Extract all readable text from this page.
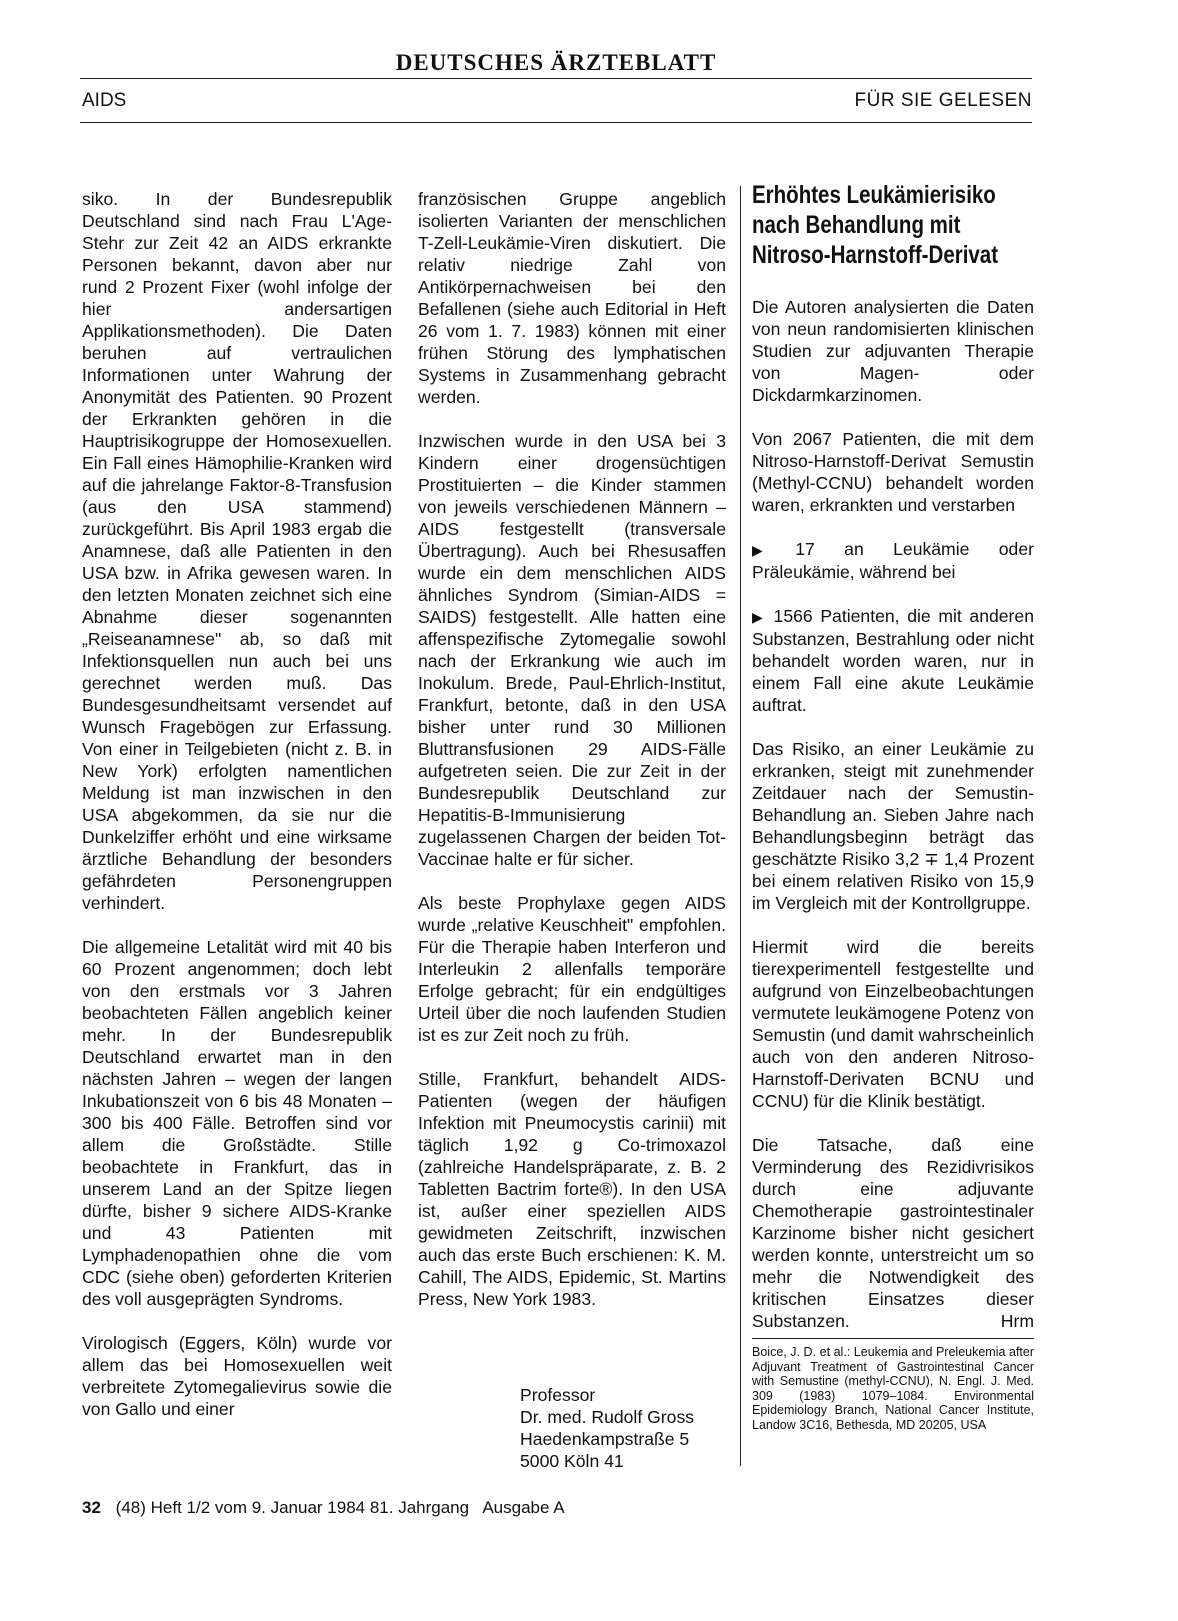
DEUTSCHES ÄRZTEBLATT
AIDS	FÜR SIE GELESEN

siko. In der Bundesrepublik Deutschland sind nach Frau L'Age-Stehr zur Zeit 42 an AIDS erkrankte Personen bekannt, davon aber nur rund 2 Prozent Fixer (wohl infolge der hier andersartigen Applikationsmethoden). Die Daten beruhen auf vertraulichen Informationen unter Wahrung der Anonymität des Patienten. 90 Prozent der Erkrankten gehören in die Hauptrisikogruppe der Homosexuellen. Ein Fall eines Hämophilie-Kranken wird auf die jahrelange Faktor-8-Transfusion (aus den USA stammend) zurückgeführt. Bis April 1983 ergab die Anamnese, daß alle Patienten in den USA bzw. in Afrika gewesen waren. In den letzten Monaten zeichnet sich eine Abnahme dieser sogenannten „Reiseanamnese" ab, so daß mit Infektionsquellen nun auch bei uns gerechnet werden muß. Das Bundesgesundheitsamt versendet auf Wunsch Fragebögen zur Erfassung. Von einer in Teilgebieten (nicht z. B. in New York) erfolgten namentlichen Meldung ist man inzwischen in den USA abgekommen, da sie nur die Dunkelziffer erhöht und eine wirksame ärztliche Behandlung der besonders gefährdeten Personengruppen verhindert.

Die allgemeine Letalität wird mit 40 bis 60 Prozent angenommen; doch lebt von den erstmals vor 3 Jahren beobachteten Fällen angeblich keiner mehr. In der Bundesrepublik Deutschland erwartet man in den nächsten Jahren – wegen der langen Inkubationszeit von 6 bis 48 Monaten – 300 bis 400 Fälle. Betroffen sind vor allem die Großstädte. Stille beobachtete in Frankfurt, das in unserem Land an der Spitze liegen dürfte, bisher 9 sichere AIDS-Kranke und 43 Patienten mit Lymphadenopathien ohne die vom CDC (siehe oben) geforderten Kriterien des voll ausgeprägten Syndroms.

Virologisch (Eggers, Köln) wurde vor allem das bei Homosexuellen weit verbreitete Zytomegalievirus sowie die von Gallo und einer

französischen Gruppe angeblich isolierten Varianten der menschlichen T-Zell-Leukämie-Viren diskutiert. Die relativ niedrige Zahl von Antikörpernachweisen bei den Befallenen (siehe auch Editorial in Heft 26 vom 1. 7. 1983) können mit einer frühen Störung des lymphatischen Systems in Zusammenhang gebracht werden.

Inzwischen wurde in den USA bei 3 Kindern einer drogensüchtigen Prostituierten – die Kinder stammen von jeweils verschiedenen Männern – AIDS festgestellt (transversale Übertragung). Auch bei Rhesusaffen wurde ein dem menschlichen AIDS ähnliches Syndrom (Simian-AIDS = SAIDS) festgestellt. Alle hatten eine affenspezifische Zytomegalie sowohl nach der Erkrankung wie auch im Inokulum. Brede, Paul-Ehrlich-Institut, Frankfurt, betonte, daß in den USA bisher unter rund 30 Millionen Bluttransfusionen 29 AIDS-Fälle aufgetreten seien. Die zur Zeit in der Bundesrepublik Deutschland zur Hepatitis-B-Immunisierung zugelassenen Chargen der beiden Tot-Vaccinae halte er für sicher.

Als beste Prophylaxe gegen AIDS wurde „relative Keuschheit" empfohlen. Für die Therapie haben Interferon und Interleukin 2 allenfalls temporäre Erfolge gebracht; für ein endgültiges Urteil über die noch laufenden Studien ist es zur Zeit noch zu früh.

Stille, Frankfurt, behandelt AIDS-Patienten (wegen der häufigen Infektion mit Pneumocystis carinii) mit täglich 1,92 g Co-trimoxazol (zahlreiche Handelspräparate, z. B. 2 Tabletten Bactrim forte®). In den USA ist, außer einer speziellen AIDS gewidmeten Zeitschrift, inzwischen auch das erste Buch erschienen: K. M. Cahill, The AIDS, Epidemic, St. Martins Press, New York 1983.

Professor
Dr. med. Rudolf Gross
Haedenkampstraße 5
5000 Köln 41
Erhöhtes Leukämierisiko nach Behandlung mit Nitroso-Harnstoff-Derivat

Die Autoren analysierten die Daten von neun randomisierten klinischen Studien zur adjuvanten Therapie von Magen- oder Dickdarmkarzinomen.

Von 2067 Patienten, die mit dem Nitroso-Harnstoff-Derivat Semustin (Methyl-CCNU) behandelt worden waren, erkrankten und verstarben

▶ 17 an Leukämie oder Präleukämie, während bei

▶ 1566 Patienten, die mit anderen Substanzen, Bestrahlung oder nicht behandelt worden waren, nur in einem Fall eine akute Leukämie auftrat.

Das Risiko, an einer Leukämie zu erkranken, steigt mit zunehmender Zeitdauer nach der Semustin-Behandlung an. Sieben Jahre nach Behandlungsbeginn beträgt das geschätzte Risiko 3,2 ∓ 1,4 Prozent bei einem relativen Risiko von 15,9 im Vergleich mit der Kontrollgruppe.

Hiermit wird die bereits tierexperimentell festgestellte und aufgrund von Einzelbeobachtungen vermutete leukämogene Potenz von Semustin (und damit wahrscheinlich auch von den anderen Nitroso-Harnstoff-Derivaten BCNU und CCNU) für die Klinik bestätigt.

Die Tatsache, daß eine Verminderung des Rezidivrisikos durch eine adjuvante Chemotherapie gastrointestinaler Karzinome bisher nicht gesichert werden konnte, unterstreicht um so mehr die Notwendigkeit des kritischen Einsatzes dieser Substanzen.	Hrm

Boice, J. D. et al.: Leukemia and Preleukemia after Adjuvant Treatment of Gastrointestinal Cancer with Semustine (methyl-CCNU), N. Engl. J. Med. 309 (1983) 1079–1084. Environmental Epidemiology Branch, National Cancer Institute, Landow 3C16, Bethesda, MD 20205, USA
32 (48) Heft 1/2 vom 9. Januar 1984 81. Jahrgang   Ausgabe A
